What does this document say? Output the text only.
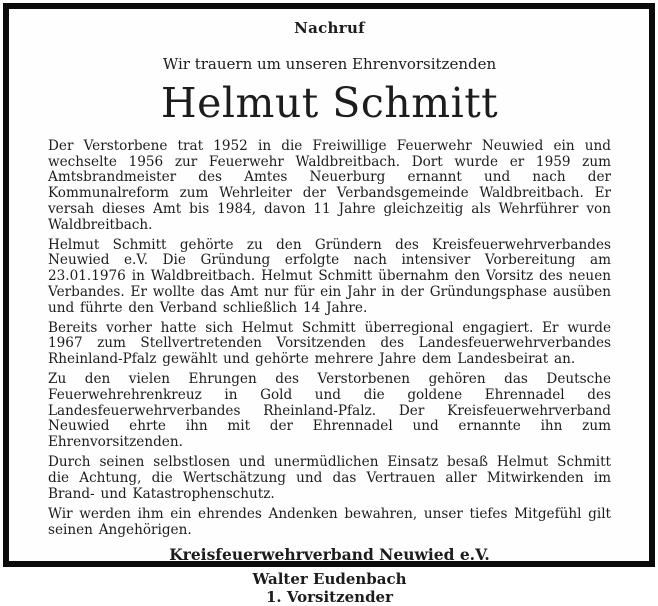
Nachruf

Wir trauern um unseren Ehrenvorsitzenden

Helmut Schmitt

Der Verstorbene trat 1952 in die Freiwillige Feuerwehr Neuwied ein und wechselte 1956 zur Feuerwehr Waldbreitbach. Dort wurde er 1959 zum Amtsbrandmeister des Amtes Neuerburg ernannt und nach der Kommunalreform zum Wehrleiter der Verbandsgemeinde Waldbreitbach. Er versah dieses Amt bis 1984, davon 11 Jahre gleichzeitig als Wehrführer von Waldbreitbach.

Helmut Schmitt gehörte zu den Gründern des Kreisfeuerwehrverbandes Neuwied e.V. Die Gründung erfolgte nach intensiver Vorbereitung am 23.01.1976 in Waldbreitbach. Helmut Schmitt übernahm den Vorsitz des neuen Verbandes. Er wollte das Amt nur für ein Jahr in der Gründungsphase ausüben und führte den Verband schließlich 14 Jahre.

Bereits vorher hatte sich Helmut Schmitt überregional engagiert. Er wurde 1967 zum Stellvertretenden Vorsitzenden des Landesfeuerwehrverbandes Rheinland-Pfalz gewählt und gehörte mehrere Jahre dem Landesbeirat an.

Zu den vielen Ehrungen des Verstorbenen gehören das Deutsche Feuerwehrehrenkreuz in Gold und die goldene Ehrennadel des Landesfeuerwehrverbandes Rheinland-Pfalz. Der Kreisfeuerwehrverband Neuwied ehrte ihn mit der Ehrennadel und ernannte ihn zum Ehrenvorsitzenden.

Durch seinen selbstlosen und unermüdlichen Einsatz besaß Helmut Schmitt die Achtung, die Wertschätzung und das Vertrauen aller Mitwirkenden im Brand- und Katastrophenschutz.

Wir werden ihm ein ehrendes Andenken bewahren, unser tiefes Mitgefühl gilt seinen Angehörigen.

Kreisfeuerwehrverband Neuwied e.V.

Walter Eudenbach

1. Vorsitzender
